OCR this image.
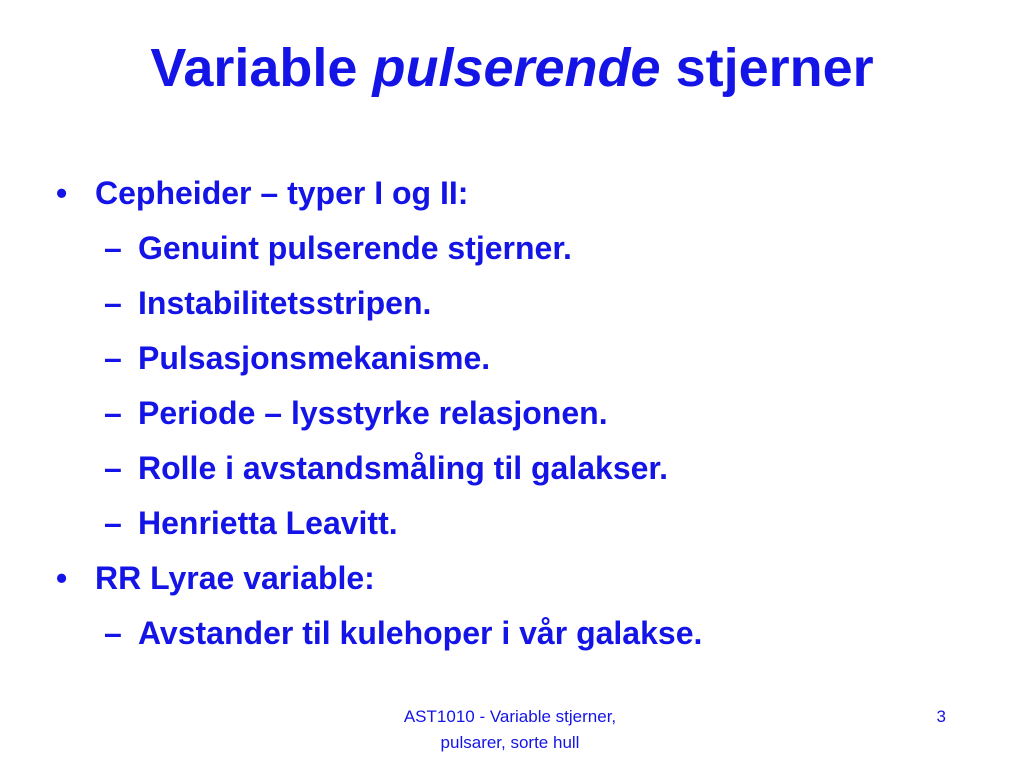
Variable pulserende stjerner
• Cepheider – typer I og II:
– Genuint pulserende stjerner.
– Instabilitetsstripen.
– Pulsasjonsmekanisme.
– Periode – lysstyrke relasjonen.
– Rolle i avstandsmåling til galakser.
– Henrietta Leavitt.
• RR Lyrae variable:
– Avstander til kulehoper i vår galakse.
AST1010 - Variable stjerner,
pulsarer, sorte hull
3
